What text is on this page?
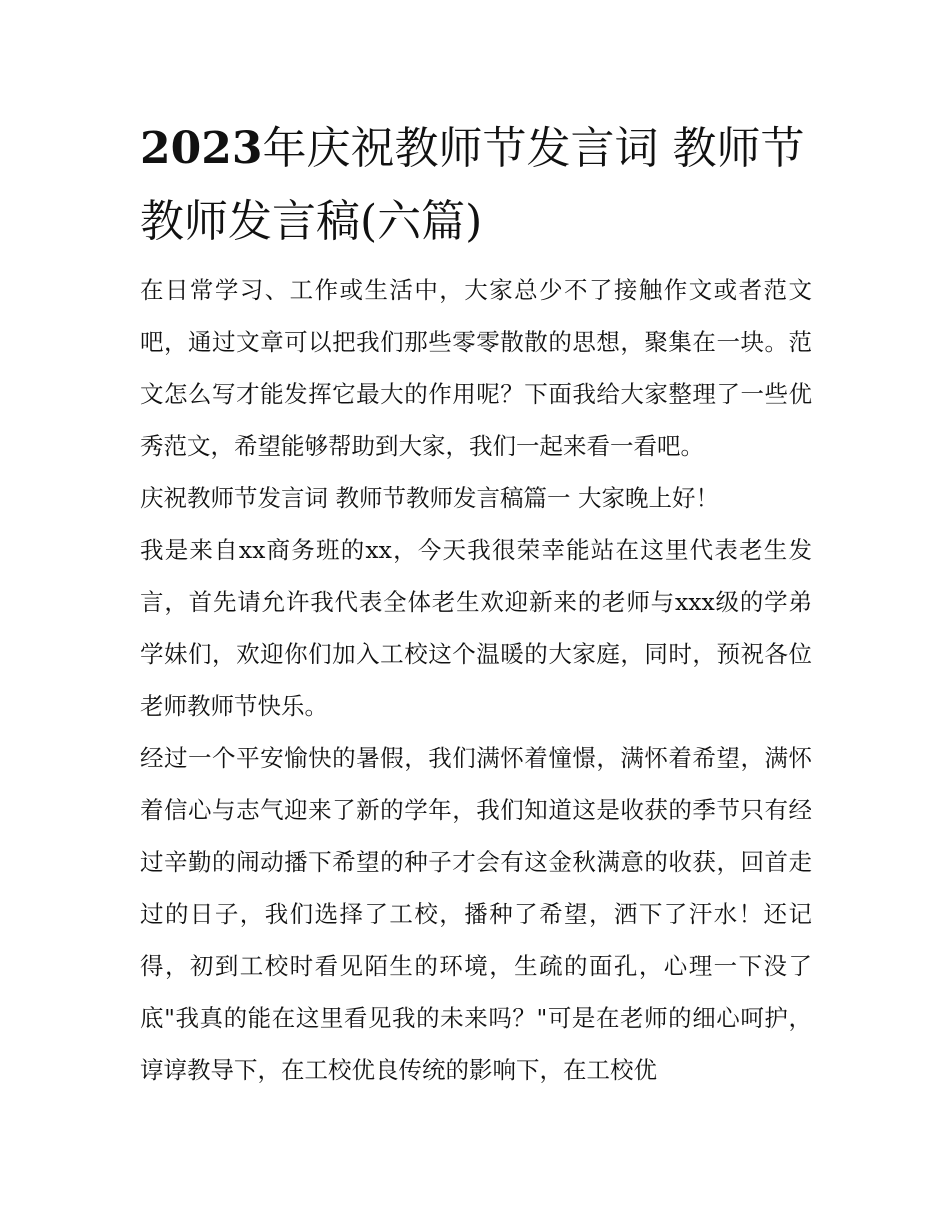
2023年庆祝教师节发言词 教师节教师发言稿(六篇)

在日常学习、工作或生活中，大家总少不了接触作文或者范文吧，通过文章可以把我们那些零零散散的思想，聚集在一块。范文怎么写才能发挥它最大的作用呢？下面我给大家整理了一些优秀范文，希望能够帮助到大家，我们一起来看一看吧。

庆祝教师节发言词 教师节教师发言稿篇一 大家晚上好！

我是来自xx商务班的xx，今天我很荣幸能站在这里代表老生发言，首先请允许我代表全体老生欢迎新来的老师与xxx级的学弟学妹们，欢迎你们加入工校这个温暖的大家庭，同时，预祝各位老师教师节快乐。

经过一个平安愉快的暑假，我们满怀着憧憬，满怀着希望，满怀着信心与志气迎来了新的学年，我们知道这是收获的季节只有经过辛勤的闹动播下希望的种子才会有这金秋满意的收获，回首走过的日子，我们选择了工校，播种了希望，洒下了汗水！还记得，初到工校时看见陌生的环境，生疏的面孔，心理一下没了底"我真的能在这里看见我的未来吗？"可是在老师的细心呵护，谆谆教导下，在工校优良传统的影响下，在工校优
